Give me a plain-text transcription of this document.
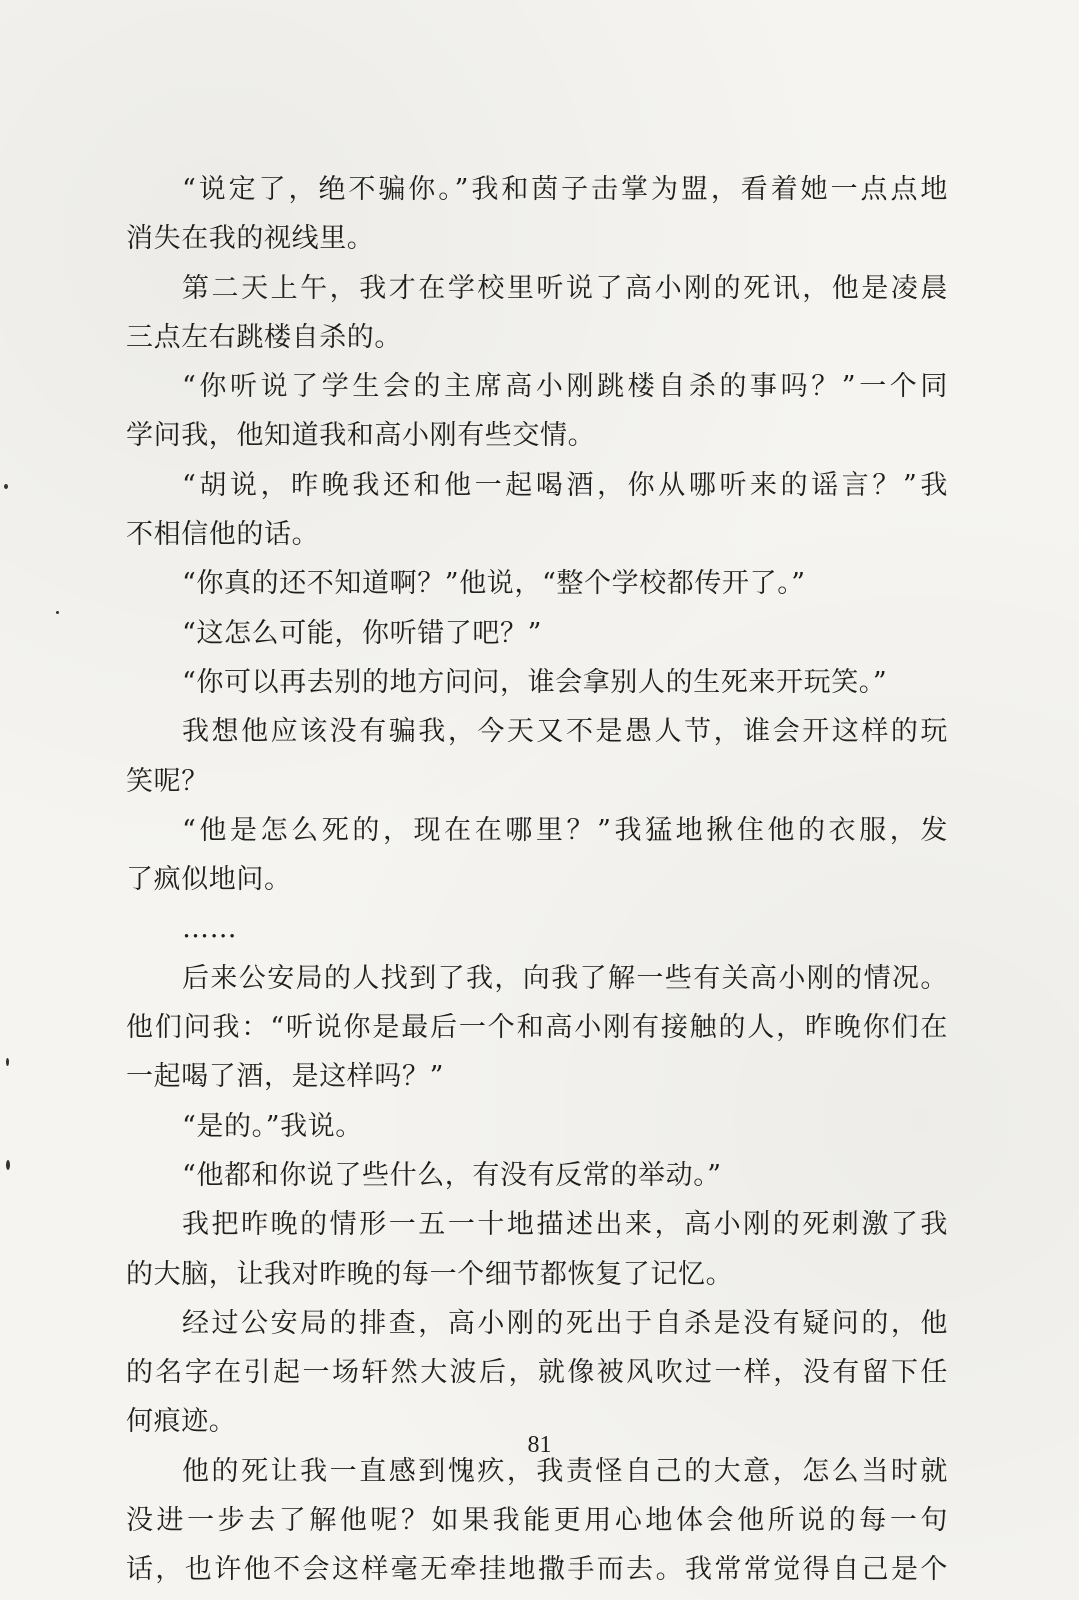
“说定了，绝不骗你。”我和茵子击掌为盟，看着她一点点地
消失在我的视线里。
第二天上午，我才在学校里听说了高小刚的死讯，他是凌晨
三点左右跳楼自杀的。
“你听说了学生会的主席高小刚跳楼自杀的事吗？”一个同
学问我，他知道我和高小刚有些交情。
“胡说，昨晚我还和他一起喝酒，你从哪听来的谣言？”我
不相信他的话。
“你真的还不知道啊？”他说，“整个学校都传开了。”
“这怎么可能，你听错了吧？”
“你可以再去别的地方问问，谁会拿别人的生死来开玩笑。”
我想他应该没有骗我，今天又不是愚人节，谁会开这样的玩
笑呢？
“他是怎么死的，现在在哪里？”我猛地揪住他的衣服，发
了疯似地问。
……
后来公安局的人找到了我，向我了解一些有关高小刚的情况。
他们问我：“听说你是最后一个和高小刚有接触的人，昨晚你们在
一起喝了酒，是这样吗？”
“是的。”我说。
“他都和你说了些什么，有没有反常的举动。”
我把昨晚的情形一五一十地描述出来，高小刚的死刺激了我
的大脑，让我对昨晚的每一个细节都恢复了记忆。
经过公安局的排查，高小刚的死出于自杀是没有疑问的，他
的名字在引起一场轩然大波后，就像被风吹过一样，没有留下任
何痕迹。
他的死让我一直感到愧疚，我责怪自己的大意，怎么当时就
没进一步去了解他呢？如果我能更用心地体会他所说的每一句
话，也许他不会这样毫无牵挂地撒手而去。我常常觉得自己是个
81
